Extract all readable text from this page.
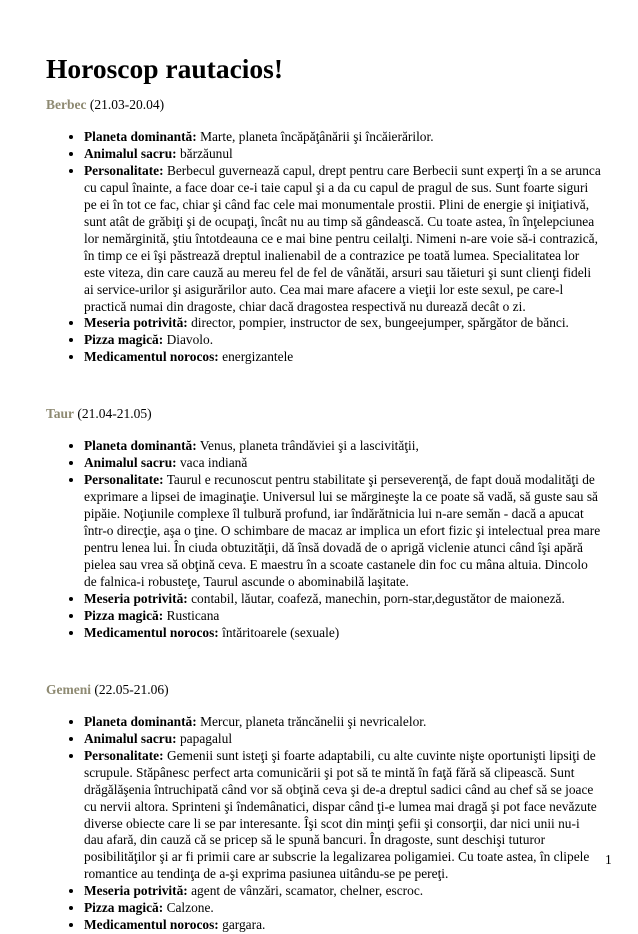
Horoscop rautacios!

Berbec (21.03-20.04)

• Planeta dominantă: Marte, planeta încăpăţânării şi încăierărilor.
• Animalul sacru: bărzăunul
• Personalitate: Berbecul guvernează capul, drept pentru care Berbecii sunt experţi în a se arunca cu capul înainte, a face doar ce-i taie capul şi a da cu capul de pragul de sus. Sunt foarte siguri pe ei în tot ce fac, chiar şi când fac cele mai monumentale prostii. Plini de energie şi iniţiativă, sunt atât de grăbiţi şi de ocupaţi, încât nu au timp să gândească. Cu toate astea, în înţelepciunea lor nemărginită, ştiu întotdeauna ce e mai bine pentru ceilalţi. Nimeni n-are voie să-i contrazică, în timp ce ei îşi păstrează dreptul inalienabil de a contrazice pe toată lumea. Specialitatea lor este viteza, din care cauză au mereu fel de fel de vânătăi, arsuri sau tăieturi şi sunt clienţi fideli ai service-urilor şi asigurărilor auto. Cea mai mare afacere a vieţii lor este sexul, pe care-l practică numai din dragoste, chiar dacă dragostea respectivă nu durează decât o zi.
• Meseria potrivită: director, pompier, instructor de sex, bungeejumper, spărgător de bănci.
• Pizza magică: Diavolo.
• Medicamentul norocos: energizantele

Taur (21.04-21.05)

• Planeta dominantă: Venus, planeta trândăviei şi a lascivităţii,
• Animalul sacru: vaca indiană
• Personalitate: Taurul e recunoscut pentru stabilitate şi perseverenţă, de fapt două modalităţi de exprimare a lipsei de imaginaţie. Universul lui se mărgineşte la ce poate să vadă, să guste sau să pipăie. Noţiunile complexe îl tulbură profund, iar îndărătnicia lui n-are semăn - dacă a apucat într-o direcţie, aşa o ţine. O schimbare de macaz ar implica un efort fizic şi intelectual prea mare pentru lenea lui. În ciuda obtuzităţii, dă însă dovadă de o aprigă viclenie atunci când îşi apără pielea sau vrea să obţină ceva. E maestru în a scoate castanele din foc cu mâna altuia. Dincolo de falnica-i robusteţe, Taurul ascunde o abominabilă laşitate.
• Meseria potrivită: contabil, lăutar, coafeză, manechin, porn-star,degustător de maioneză.
• Pizza magică: Rusticana
• Medicamentul norocos: întăritoarele (sexuale)

Gemeni (22.05-21.06)

• Planeta dominantă: Mercur, planeta trăncănelii şi nevricalelor.
• Animalul sacru: papagalul
• Personalitate: Gemenii sunt isteţi şi foarte adaptabili, cu alte cuvinte nişte oportunişti lipsiţi de scrupule. Stăpânesc perfect arta comunicării şi pot să te mintă în faţă fără să clipească. Sunt drăgălăşenia întruchipată când vor să obţină ceva şi de-a dreptul sadici când au chef să se joace cu nervii altora. Sprinteni şi îndemânatici, dispar când ţi-e lumea mai dragă şi pot face nevăzute diverse obiecte care li se par interesante. Îşi scot din minţi şefii şi consorţii, dar nici unii nu-i dau afară, din cauză că se pricep să le spună bancuri. În dragoste, sunt deschişi tuturor posibilităţilor şi ar fi primii care ar subscrie la legalizarea poligamiei. Cu toate astea, în clipele romantice au tendinţa de a-şi exprima pasiunea uitându-se pe pereţi.
• Meseria potrivită: agent de vânzări, scamator, chelner, escroc.
• Pizza magică: Calzone.
• Medicamentul norocos: gargara.
1
